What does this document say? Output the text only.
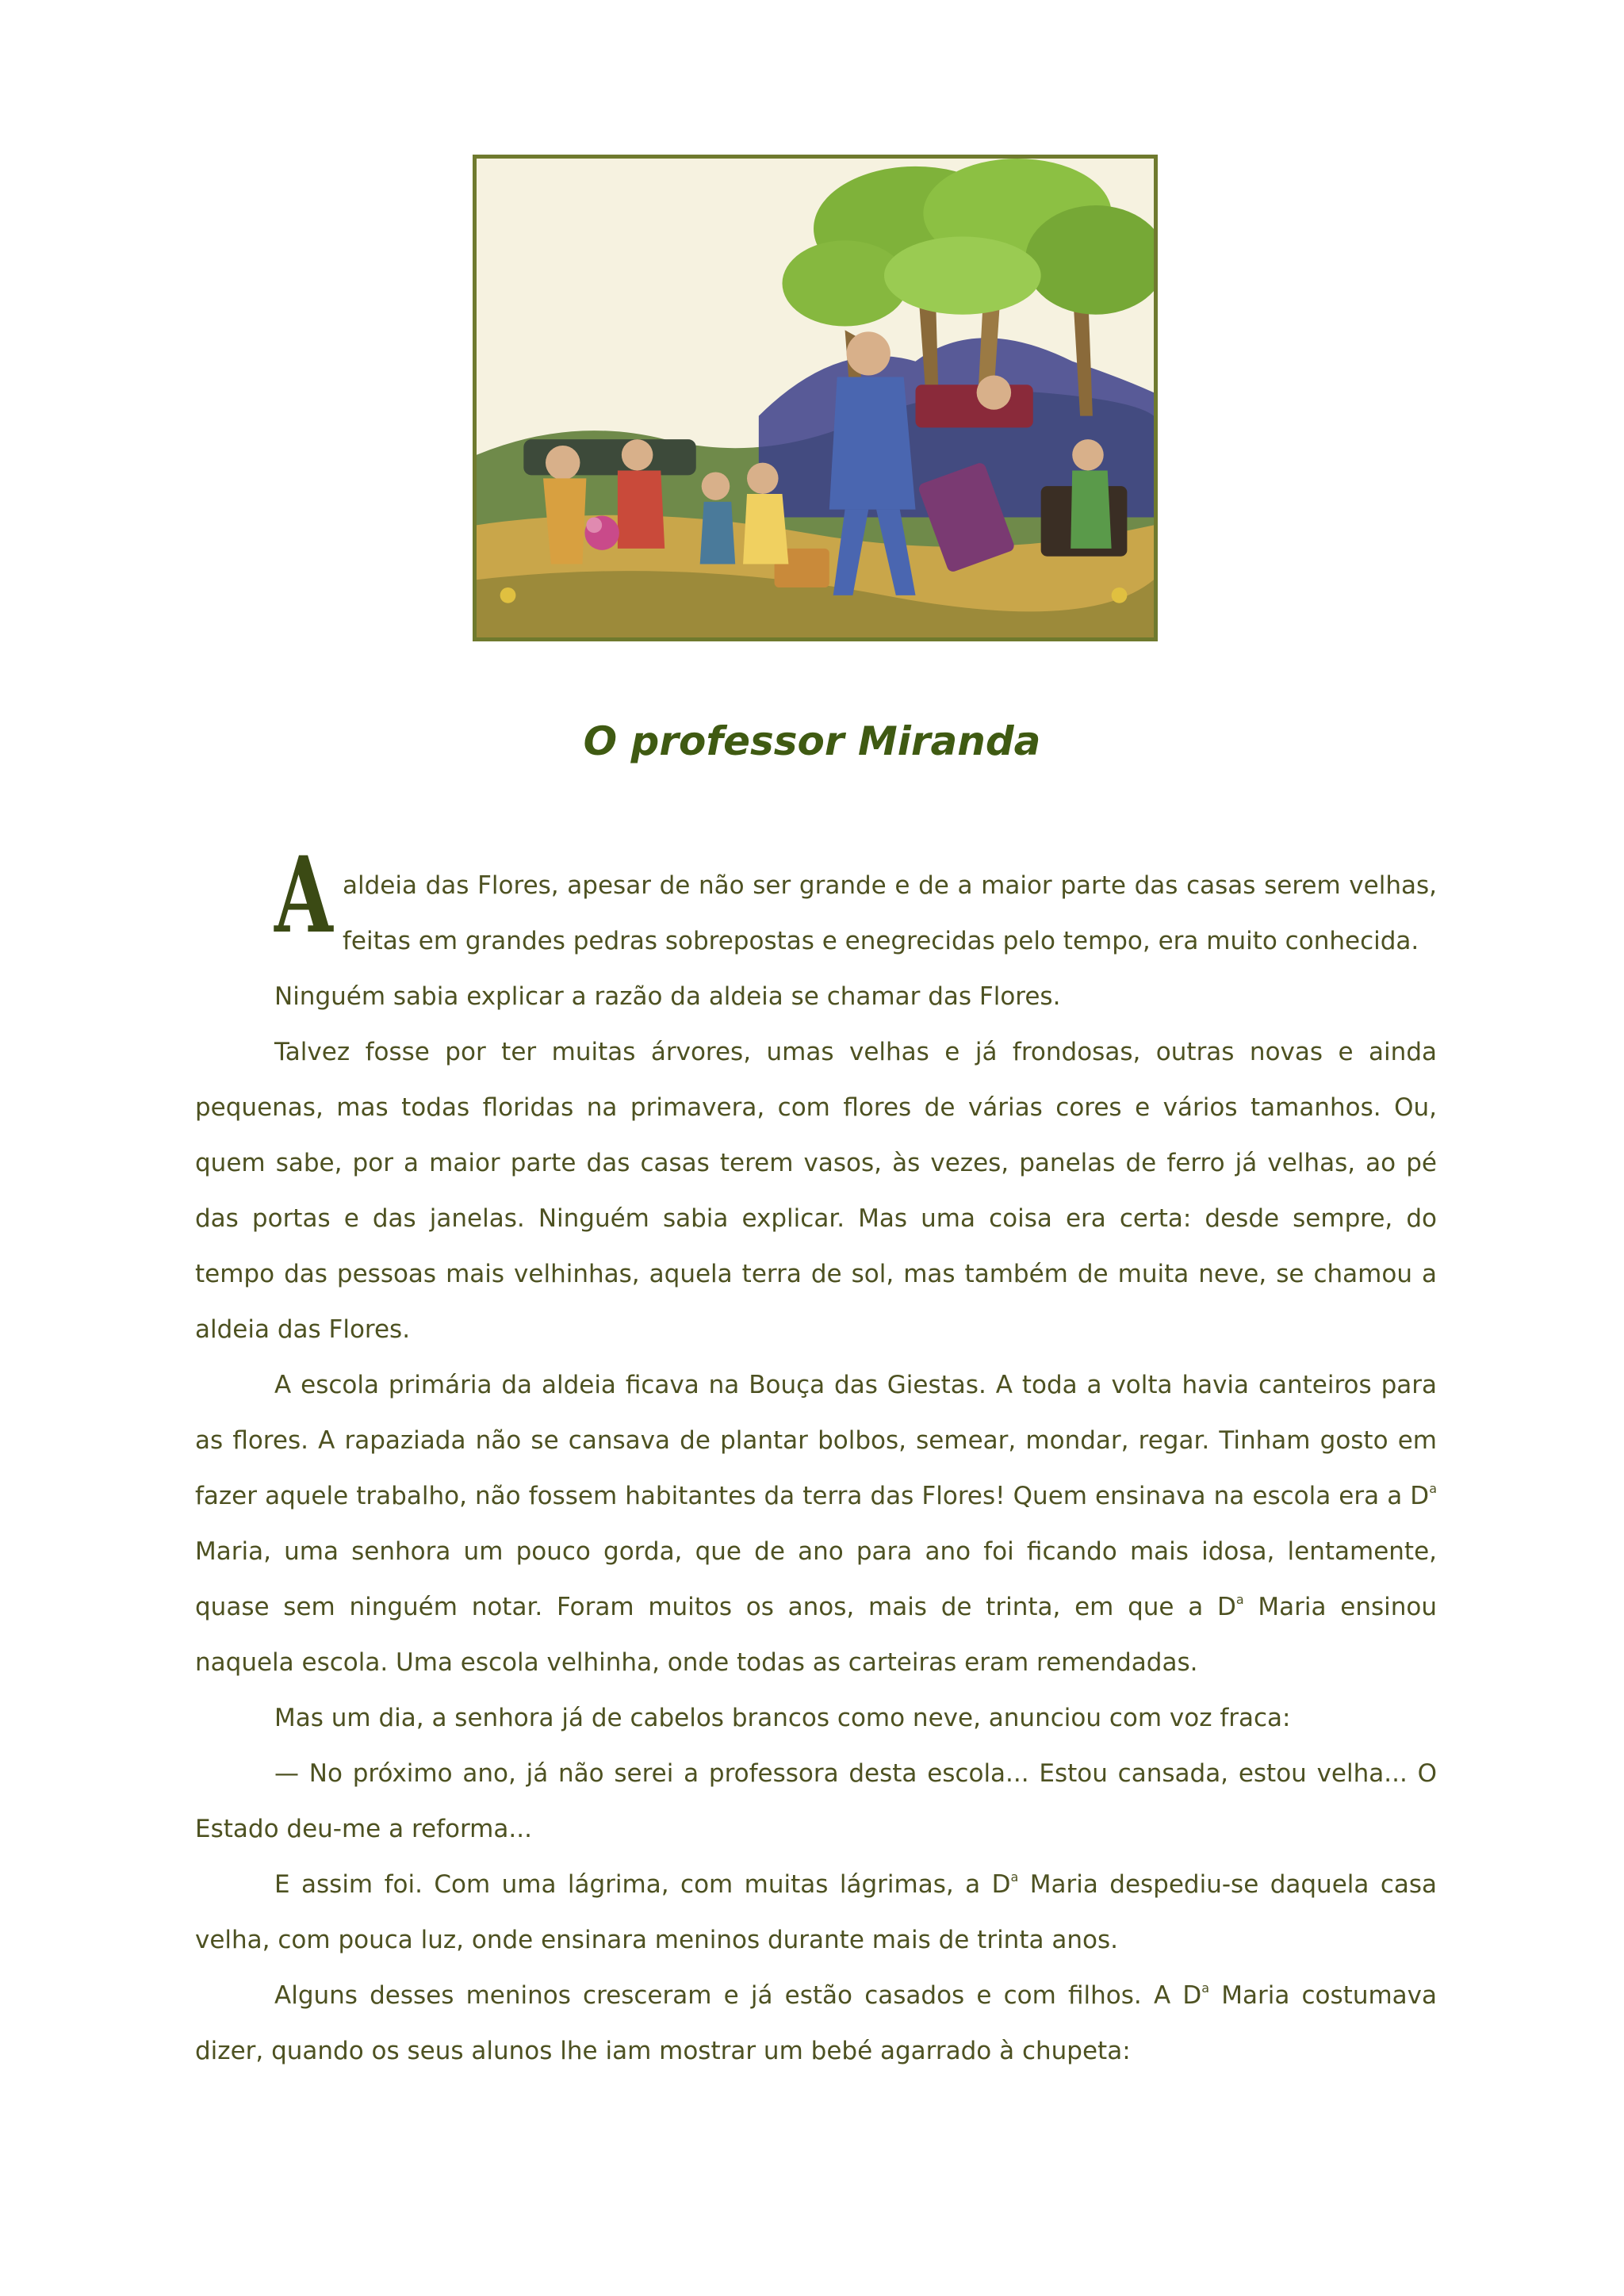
O professor Miranda

A aldeia das Flores, apesar de não ser grande e de a maior parte das casas serem velhas, feitas em grandes pedras sobrepostas e enegrecidas pelo tempo, era muito conhecida.

Ninguém sabia explicar a razão da aldeia se chamar das Flores.

Talvez fosse por ter muitas árvores, umas velhas e já frondosas, outras novas e ainda pequenas, mas todas floridas na primavera, com flores de várias cores e vários tamanhos. Ou, quem sabe, por a maior parte das casas terem vasos, às vezes, panelas de ferro já velhas, ao pé das portas e das janelas. Ninguém sabia explicar. Mas uma coisa era certa: desde sempre, do tempo das pessoas mais velhinhas, aquela terra de sol, mas também de muita neve, se chamou a aldeia das Flores.

A escola primária da aldeia ficava na Bouça das Giestas. A toda a volta havia canteiros para as flores. A rapaziada não se cansava de plantar bolbos, semear, mondar, regar. Tinham gosto em fazer aquele trabalho, não fossem habitantes da terra das Flores! Quem ensinava na escola era a $D^a$ Maria, uma senhora um pouco gorda, que de ano para ano foi ficando mais idosa, lentamente, quase sem ninguém notar. Foram muitos os anos, mais de trinta, em que a $D^a$ Maria ensinou naquela escola. Uma escola velhinha, onde todas as carteiras eram remendadas.

Mas um dia, a senhora já de cabelos brancos como neve, anunciou com voz fraca:

— No próximo ano, já não serei a professora desta escola... Estou cansada, estou velha... O Estado deu-me a reforma...

E assim foi. Com uma lágrima, com muitas lágrimas, a $D^a$ Maria despediu-se daquela casa velha, com pouca luz, onde ensinara meninos durante mais de trinta anos.

Alguns desses meninos cresceram e já estão casados e com filhos. A $D^a$ Maria costumava dizer, quando os seus alunos lhe iam mostrar um bebé agarrado à chupeta:
